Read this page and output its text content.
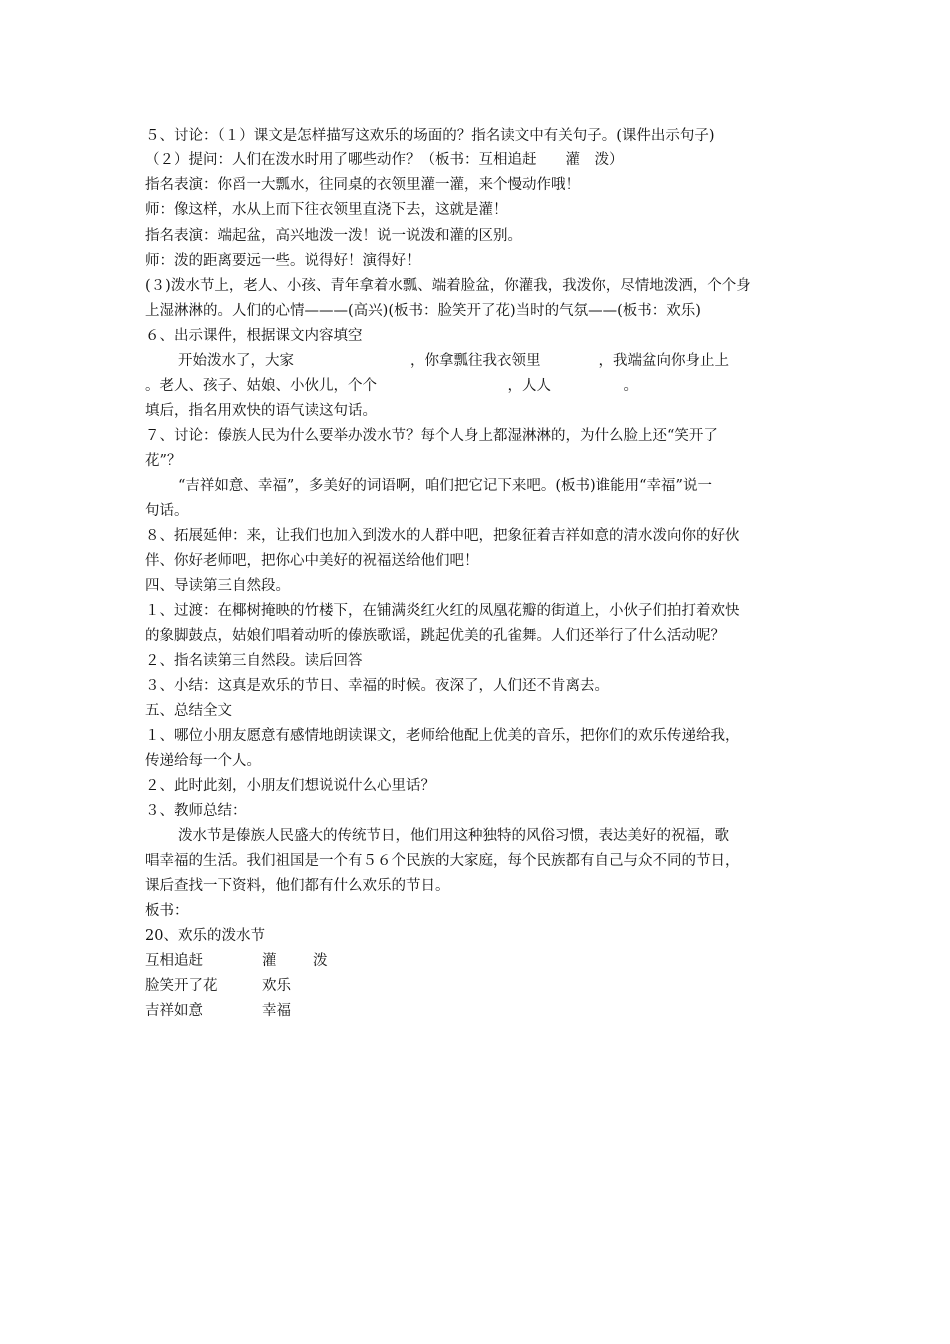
５、讨论：（１）课文是怎样描写这欢乐的场面的？指名读文中有关句子。(课件出示句子)
（２）提问：人们在泼水时用了哪些动作？（板书：互相追赶　　灌　泼）
指名表演：你舀一大瓢水，往同桌的衣领里灌一灌，来个慢动作哦！
师：像这样，水从上而下往衣领里直浇下去，这就是灌！
指名表演：端起盆，高兴地泼一泼！说一说泼和灌的区别。
师：泼的距离要远一些。说得好！演得好！
(３)泼水节上，老人、小孩、青年拿着水瓢、端着脸盆，你灌我，我泼你，尽情地泼洒，个个身
上湿淋淋的。人们的心情———(高兴)(板书：脸笑开了花)当时的气氛——(板书：欢乐)
６、出示课件，根据课文内容填空
开始泼水了，大家　　　　　　　　，你拿瓢往我衣领里　　　　，我端盆向你身止上
。老人、孩子、姑娘、小伙儿，个个　　　　　　　　　，人人　　　　　。
填后，指名用欢快的语气读这句话。
７、讨论：傣族人民为什么要举办泼水节？每个人身上都湿淋淋的，为什么脸上还“笑开了
花”？
“吉祥如意、幸福”，多美好的词语啊，咱们把它记下来吧。(板书)谁能用“幸福”说一
句话。
８、拓展延伸：来，让我们也加入到泼水的人群中吧，把象征着吉祥如意的清水泼向你的好伙
伴、你好老师吧，把你心中美好的祝福送给他们吧！
四、导读第三自然段。
１、过渡：在椰树掩映的竹楼下，在铺满炎红火红的凤凰花瓣的街道上，小伙子们拍打着欢快
的象脚鼓点，姑娘们唱着动听的傣族歌谣，跳起优美的孔雀舞。人们还举行了什么活动呢？
２、指名读第三自然段。读后回答
３、小结：这真是欢乐的节日、幸福的时候。夜深了，人们还不肯离去。
五、总结全文
１、哪位小朋友愿意有感情地朗读课文，老师给他配上优美的音乐，把你们的欢乐传递给我，
传递给每一个人。
２、此时此刻，小朋友们想说说什么心里话？
３、教师总结：
泼水节是傣族人民盛大的传统节日，他们用这种独特的风俗习惯，表达美好的祝福，歌
唱幸福的生活。我们祖国是一个有５６个民族的大家庭，每个民族都有自己与众不同的节日，
课后查找一下资料，他们都有什么欢乐的节日。
板书：
20、欢乐的泼水节
互相追赶	灌	泼
脸笑开了花	欢乐
吉祥如意	幸福
